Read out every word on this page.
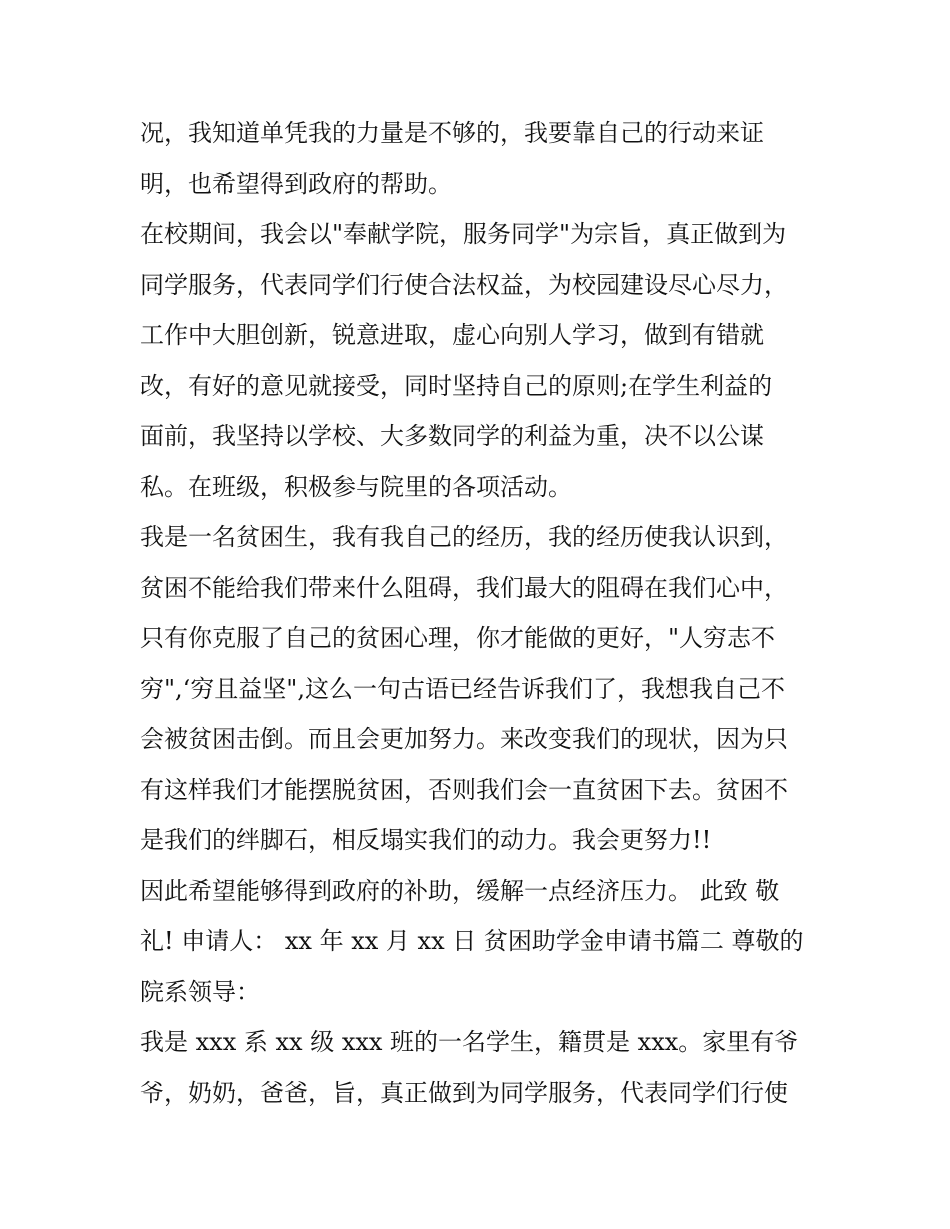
况，我知道单凭我的力量是不够的，我要靠自己的行动来证
明，也希望得到政府的帮助。
在校期间，我会以"奉献学院，服务同学"为宗旨，真正做到为
同学服务，代表同学们行使合法权益，为校园建设尽心尽力，
工作中大胆创新，锐意进取，虚心向别人学习，做到有错就
改，有好的意见就接受，同时坚持自己的原则;在学生利益的
面前，我坚持以学校、大多数同学的利益为重，决不以公谋
私。在班级，积极参与院里的各项活动。
我是一名贫困生，我有我自己的经历，我的经历使我认识到，
贫困不能给我们带来什么阻碍，我们最大的阻碍在我们心中，
只有你克服了自己的贫困心理，你才能做的更好，"人穷志不
穷",‘穷且益坚",这么一句古语已经告诉我们了，我想我自己不
会被贫困击倒。而且会更加努力。来改变我们的现状，因为只
有这样我们才能摆脱贫困，否则我们会一直贫困下去。贫困不
是我们的绊脚石，相反塌实我们的动力。我会更努力!!
因此希望能够得到政府的补助，缓解一点经济压力。 此致 敬
礼! 申请人： xx 年 xx 月 xx 日 贫困助学金申请书篇二 尊敬的
院系领导：
我是 xxx 系 xx 级 xxx 班的一名学生，籍贯是 xxx。家里有爷
爷，奶奶，爸爸，旨，真正做到为同学服务，代表同学们行使
